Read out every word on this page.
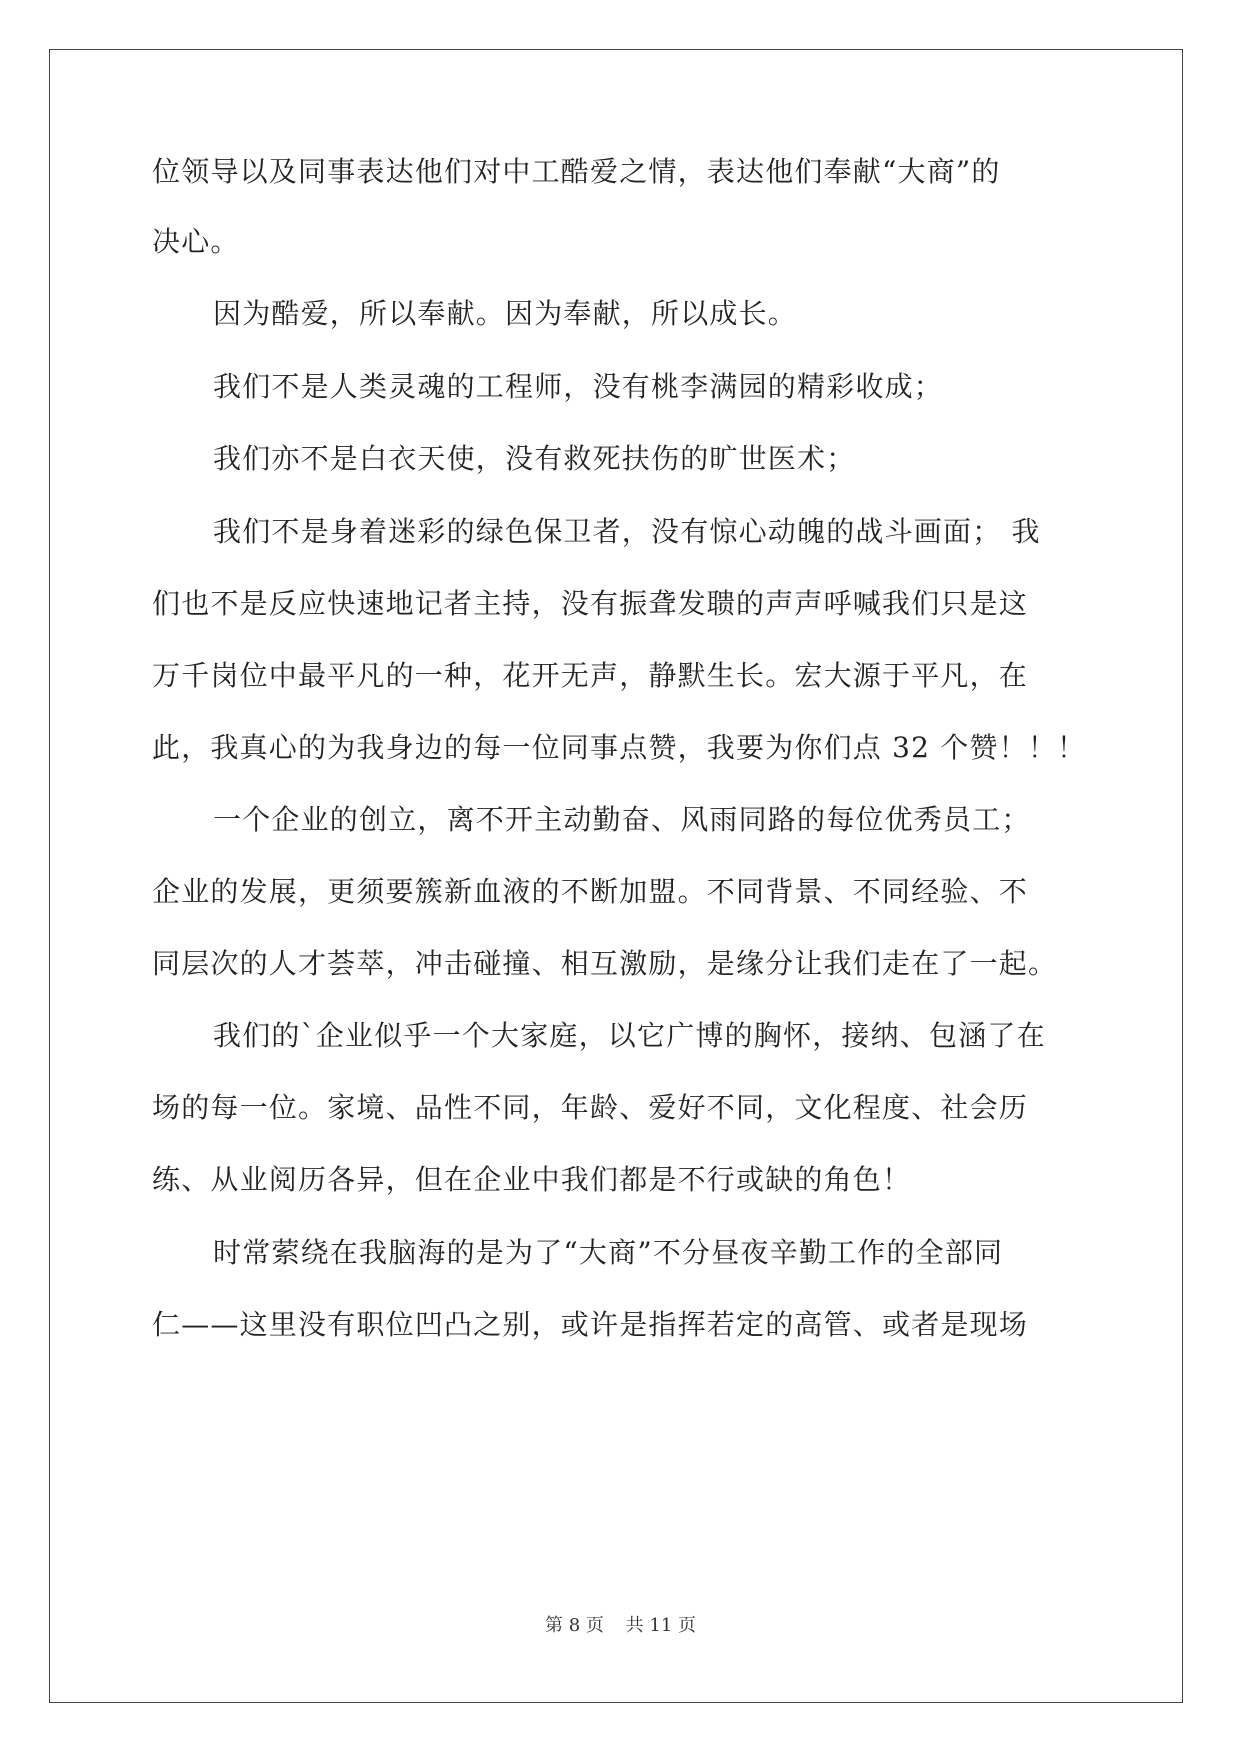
位领导以及同事表达他们对中工酷爱之情，表达他们奉献“大商”的
决心。
因为酷爱，所以奉献。因为奉献，所以成长。
我们不是人类灵魂的工程师，没有桃李满园的精彩收成；
我们亦不是白衣天使，没有救死扶伤的旷世医术；
我们不是身着迷彩的绿色保卫者，没有惊心动魄的战斗画面； 我
们也不是反应快速地记者主持，没有振聋发聩的声声呼喊我们只是这
万千岗位中最平凡的一种，花开无声，静默生长。宏大源于平凡，在
此，我真心的为我身边的每一位同事点赞，我要为你们点 32 个赞！！！
一个企业的创立，离不开主动勤奋、风雨同路的每位优秀员工；
企业的发展，更须要簇新血液的不断加盟。不同背景、不同经验、不
同层次的人才荟萃，冲击碰撞、相互激励，是缘分让我们走在了一起。
我们的`企业似乎一个大家庭，以它广博的胸怀，接纳、包涵了在
场的每一位。家境、品性不同，年龄、爱好不同，文化程度、社会历
练、从业阅历各异，但在企业中我们都是不行或缺的角色！
时常萦绕在我脑海的是为了“大商”不分昼夜辛勤工作的全部同
仁——这里没有职位凹凸之别，或许是指挥若定的高管、或者是现场
第 8 页 共 11 页
